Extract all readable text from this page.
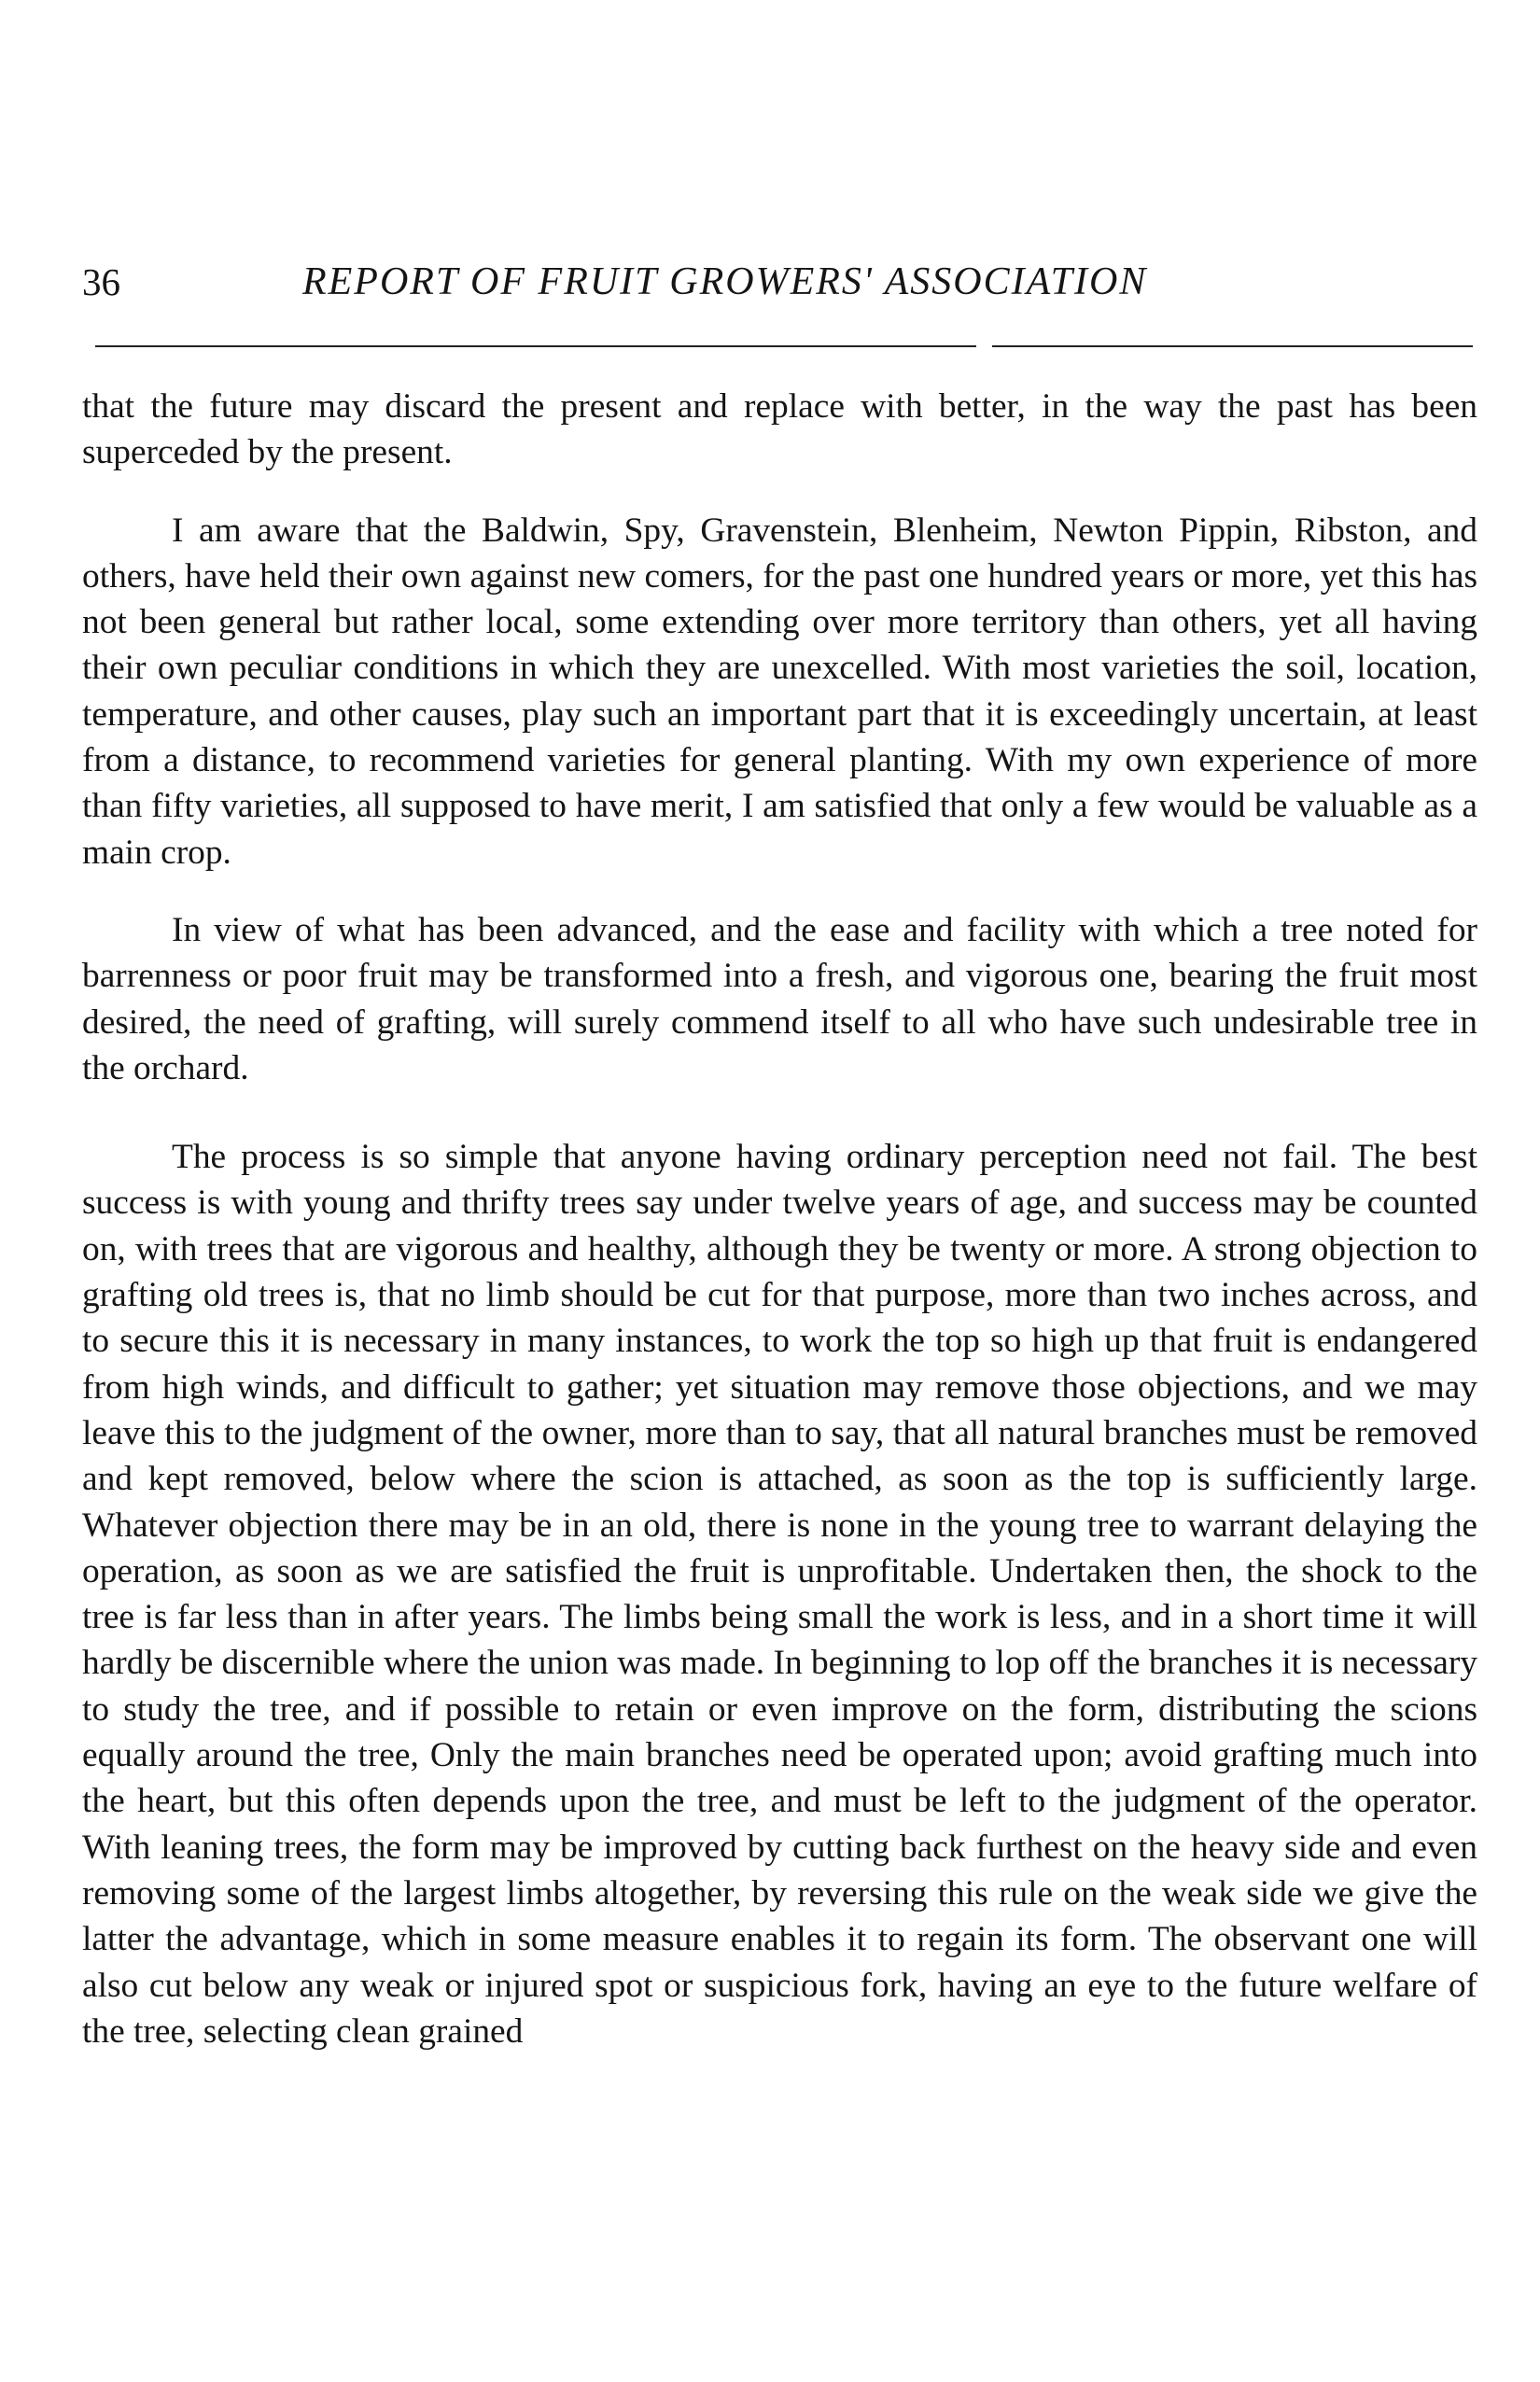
36	REPORT OF FRUIT GROWERS' ASSOCIATION

that the future may discard the present and replace with better, in the way the past has been superceded by the present.

I am aware that the Baldwin, Spy, Gravenstein, Blenheim, Newton Pippin, Ribston, and others, have held their own against new comers, for the past one hundred years or more, yet this has not been general but rather local, some extending over more territory than others, yet all having their own peculiar conditions in which they are unexcelled. With most varieties the soil, location, temperature, and other causes, play such an important part that it is exceedingly uncertain, at least from a distance, to recommend varieties for general planting. With my own experience of more than fifty varieties, all supposed to have merit, I am satisfied that only a few would be valuable as a main crop.

In view of what has been advanced, and the ease and facility with which a tree noted for barrenness or poor fruit may be transformed into a fresh, and vigorous one, bearing the fruit most desired, the need of grafting, will surely commend itself to all who have such undesirable tree in the orchard.

The process is so simple that anyone having ordinary perception need not fail. The best success is with young and thrifty trees say under twelve years of age, and success may be counted on, with trees that are vigorous and healthy, although they be twenty or more. A strong objection to grafting old trees is, that no limb should be cut for that purpose, more than two inches across, and to secure this it is necessary in many instances, to work the top so high up that fruit is endangered from high winds, and difficult to gather; yet situation may remove those objections, and we may leave this to the judgment of the owner, more than to say, that all natural branches must be removed and kept removed, below where the scion is attached, as soon as the top is sufficiently large. Whatever objection there may be in an old, there is none in the young tree to warrant delaying the operation, as soon as we are satisfied the fruit is unprofitable. Undertaken then, the shock to the tree is far less than in after years. The limbs being small the work is less, and in a short time it will hardly be discernible where the union was made. In beginning to lop off the branches it is necessary to study the tree, and if possible to retain or even improve on the form, distributing the scions equally around the tree, Only the main branches need be operated upon; avoid grafting much into the heart, but this often depends upon the tree, and must be left to the judgment of the operator. With leaning trees, the form may be improved by cutting back furthest on the heavy side and even removing some of the largest limbs altogether, by reversing this rule on the weak side we give the latter the advantage, which in some measure enables it to regain its form. The observant one will also cut below any weak or injured spot or suspicious fork, having an eye to the future welfare of the tree, selecting clean grained
